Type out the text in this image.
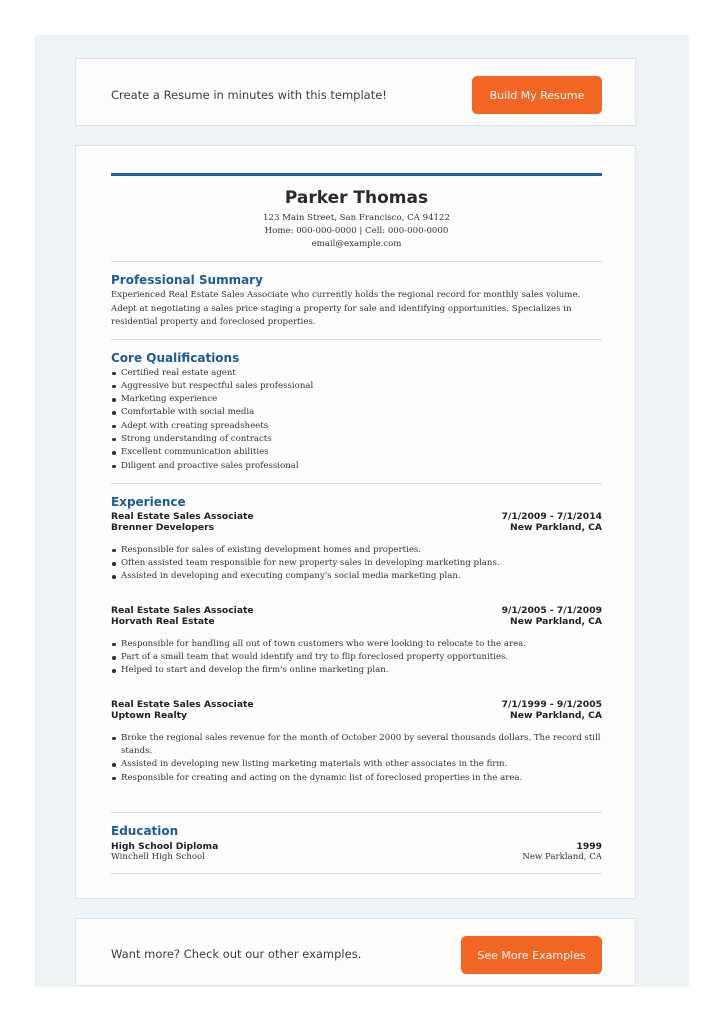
Create a Resume in minutes with this template!	Build My Resume
Parker Thomas
123 Main Street, San Francisco, CA 94122
Home: 000-000-0000 | Cell: 000-000-0000
email@example.com
Professional Summary
Experienced Real Estate Sales Associate who currently holds the regional record for monthly sales volume. Adept at negotiating a sales price staging a property for sale and identifying opportunities. Specializes in residential property and foreclosed properties.
Core Qualifications
Certified real estate agent
Aggressive but respectful sales professional
Marketing experience
Comfortable with social media
Adept with creating spreadsheets
Strong understanding of contracts
Excellent communication abilities
Diligent and proactive sales professional
Experience
Real Estate Sales Associate
Brenner Developers
7/1/2009 - 7/1/2014
New Parkland, CA
Responsible for sales of existing development homes and properties.
Often assisted team responsible for new property sales in developing marketing plans.
Assisted in developing and executing company's social media marketing plan.
Real Estate Sales Associate
Horvath Real Estate
9/1/2005 - 7/1/2009
New Parkland, CA
Responsible for handling all out of town customers who were looking to relocate to the area.
Part of a small team that would identify and try to flip foreclosed property opportunities.
Helped to start and develop the firm's online marketing plan.
Real Estate Sales Associate
Uptown Realty
7/1/1999 - 9/1/2005
New Parkland, CA
Broke the regional sales revenue for the month of October 2000 by several thousands dollars. The record still stands.
Assisted in developing new listing marketing materials with other associates in the firm.
Responsible for creating and acting on the dynamic list of foreclosed properties in the area.
Education
High School Diploma
Winchell High School
1999
New Parkland, CA
Want more? Check out our other examples.	See More Examples
